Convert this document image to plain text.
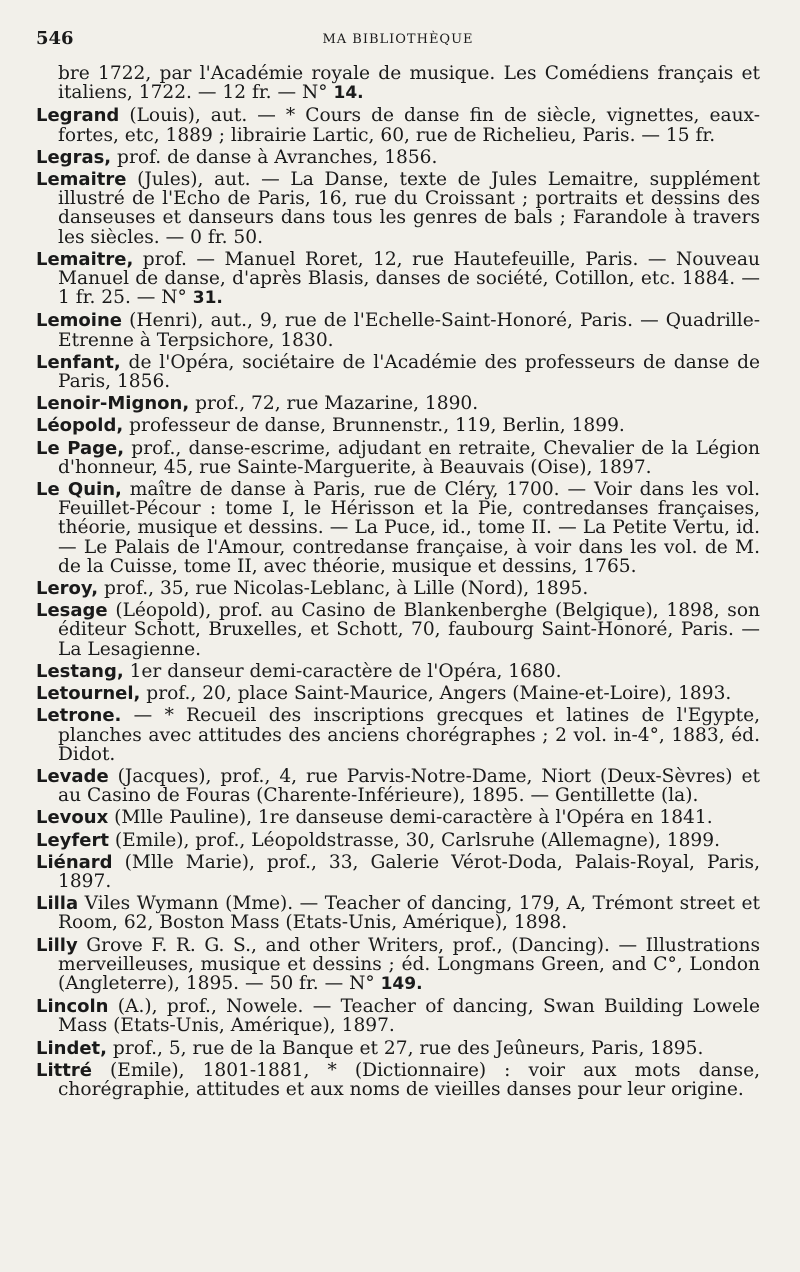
546	MA BIBLIOTHÈQUE

bre 1722, par l'Académie royale de musique. Les Comédiens français et italiens, 1722. — 12 fr. — N° 14.

Legrand (Louis), aut. — * Cours de danse fin de siècle, vignettes, eaux-fortes, etc, 1889 ; librairie Lartic, 60, rue de Richelieu, Paris. — 15 fr.

Legras, prof. de danse à Avranches, 1856.

Lemaitre (Jules), aut. — La Danse, texte de Jules Lemaitre, supplément illustré de l'Echo de Paris, 16, rue du Croissant ; portraits et dessins des danseuses et danseurs dans tous les genres de bals ; Farandole à travers les siècles. — 0 fr. 50.

Lemaitre, prof. — Manuel Roret, 12, rue Hautefeuille, Paris. — Nouveau Manuel de danse, d'après Blasis, danses de société, Cotillon, etc. 1884. — 1 fr. 25. — N° 31.

Lemoine (Henri), aut., 9, rue de l'Echelle-Saint-Honoré, Paris. — Quadrille-Etrenne à Terpsichore, 1830.

Lenfant, de l'Opéra, sociétaire de l'Académie des professeurs de danse de Paris, 1856.

Lenoir-Mignon, prof., 72, rue Mazarine, 1890.

Léopold, professeur de danse, Brunnenstr., 119, Berlin, 1899.

Le Page, prof., danse-escrime, adjudant en retraite, Chevalier de la Légion d'honneur, 45, rue Sainte-Marguerite, à Beauvais (Oise), 1897.

Le Quin, maître de danse à Paris, rue de Cléry, 1700. — Voir dans les vol. Feuillet-Pécour : tome I, le Hérisson et la Pie, contredanses françaises, théorie, musique et dessins. — La Puce, id., tome II. — La Petite Vertu, id. — Le Palais de l'Amour, contredanse française, à voir dans les vol. de M. de la Cuisse, tome II, avec théorie, musique et dessins, 1765.

Leroy, prof., 35, rue Nicolas-Leblanc, à Lille (Nord), 1895.

Lesage (Léopold), prof. au Casino de Blankenberghe (Belgique), 1898, son éditeur Schott, Bruxelles, et Schott, 70, faubourg Saint-Honoré, Paris. — La Lesagienne.

Lestang, 1er danseur demi-caractère de l'Opéra, 1680.

Letournel, prof., 20, place Saint-Maurice, Angers (Maine-et-Loire), 1893.

Letrone. — * Recueil des inscriptions grecques et latines de l'Egypte, planches avec attitudes des anciens chorégraphes ; 2 vol. in-4°, 1883, éd. Didot.

Levade (Jacques), prof., 4, rue Parvis-Notre-Dame, Niort (Deux-Sèvres) et au Casino de Fouras (Charente-Inférieure), 1895. — Gentillette (la).

Levoux (Mlle Pauline), 1re danseuse demi-caractère à l'Opéra en 1841.

Leyfert (Emile), prof., Léopoldstrasse, 30, Carlsruhe (Allemagne), 1899.

Liénard (Mlle Marie), prof., 33, Galerie Vérot-Doda, Palais-Royal, Paris, 1897.

Lilla Viles Wymann (Mme). — Teacher of dancing, 179, A, Trémont street et Room, 62, Boston Mass (Etats-Unis, Amérique), 1898.

Lilly Grove F. R. G. S., and other Writers, prof., (Dancing). — Illustrations merveilleuses, musique et dessins ; éd. Longmans Green, and C°, London (Angleterre), 1895. — 50 fr. — N° 149.

Lincoln (A.), prof., Nowele. — Teacher of dancing, Swan Building Lowele Mass (Etats-Unis, Amérique), 1897.

Lindet, prof., 5, rue de la Banque et 27, rue des Jeûneurs, Paris, 1895.

Littré (Emile), 1801-1881, * (Dictionnaire) : voir aux mots danse, chorégraphie, attitudes et aux noms de vieilles danses pour leur origine.
